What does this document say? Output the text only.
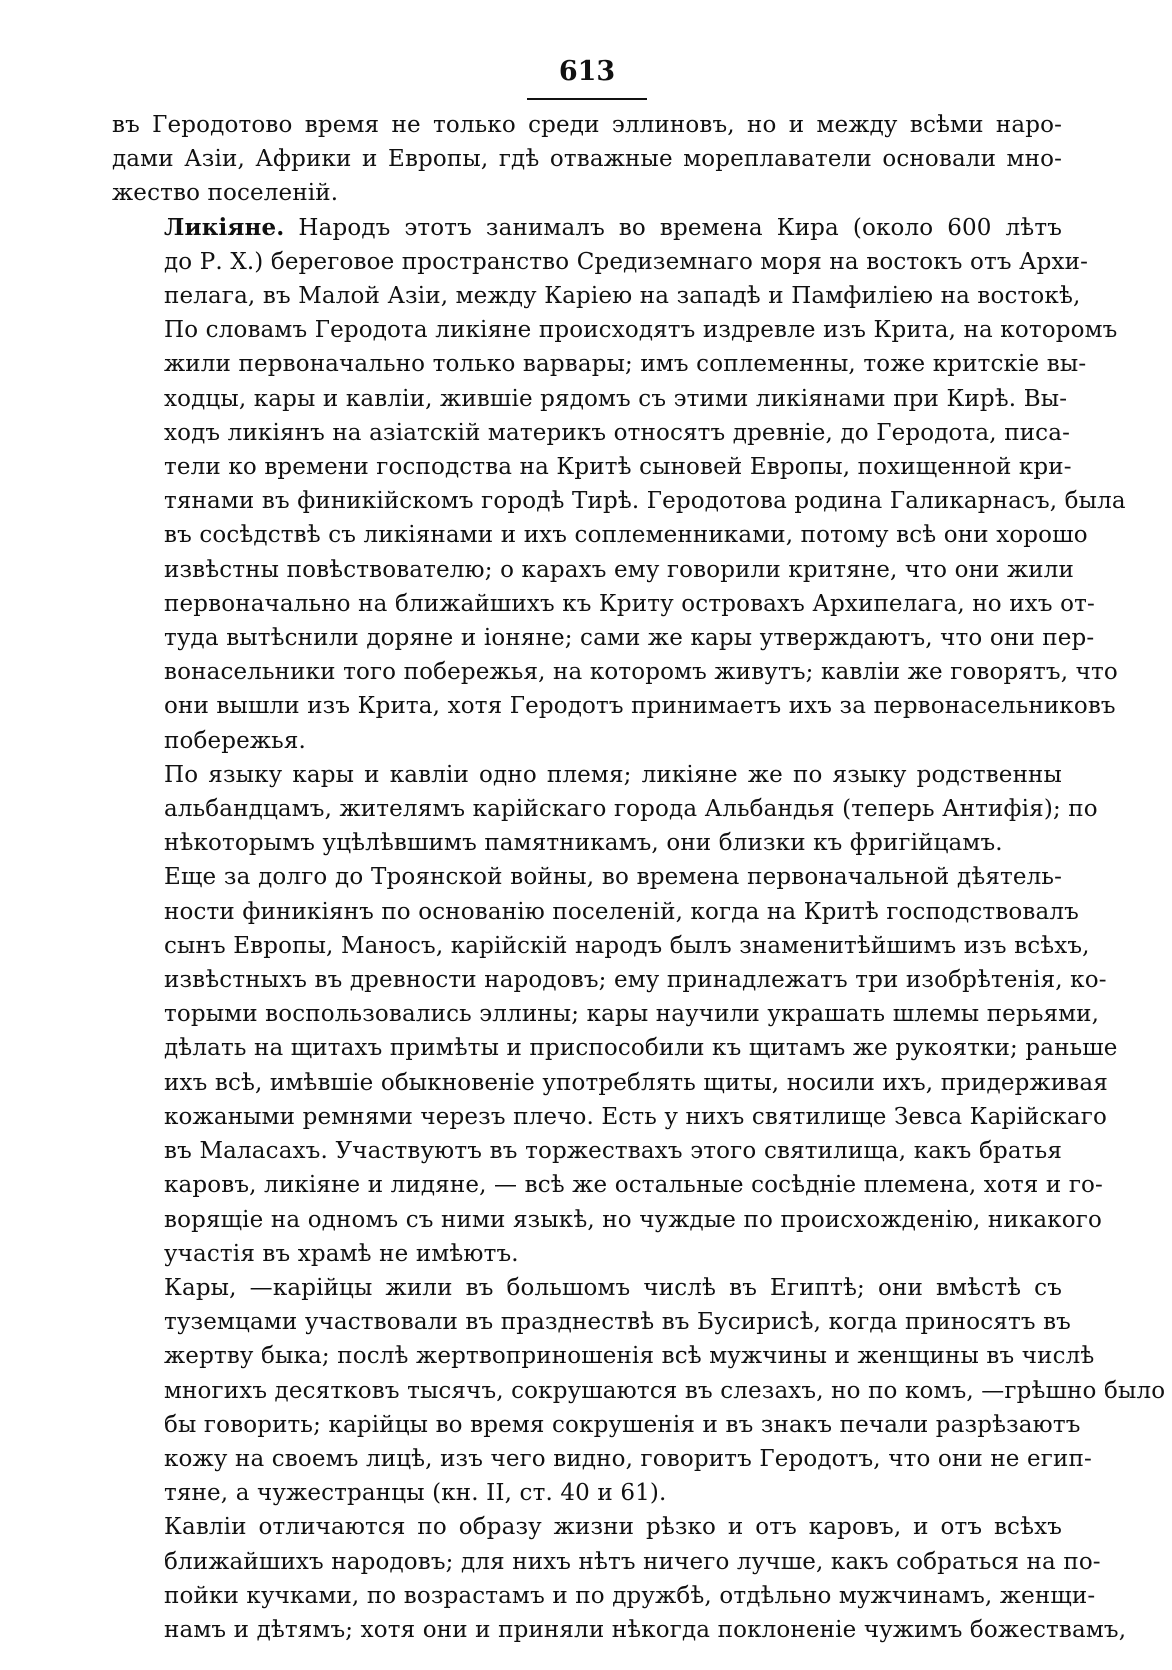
613
въ Геродотово время не только среди эллиновъ, но и между всѣми наро-
дами Азіи, Африки и Европы, гдѣ отважные мореплаватели основали мно-
жество поселеній.
Ликіяне. Народъ этотъ занималъ во времена Кира (около 600 лѣтъ
до Р. Х.) береговое пространство Средиземнаго моря на востокъ отъ Архи-
пелага, въ Малой Азіи, между Каріею на западѣ и Памфиліею на востокѣ,
По словамъ Геродота ликіяне происходятъ издревле изъ Крита, на которомъ
жили первоначально только варвары; имъ соплеменны, тоже критскіе вы-
ходцы, каpы и кавліи, жившіе рядомъ съ этими ликіянами при Кирѣ. Вы-
ходъ ликіянъ на азіатскій материкъ относятъ древніе, до Геродота, писа-
тели ко времени господства на Критѣ сыновей Европы, похищенной кри-
тянами въ финикійскомъ городѣ Тирѣ. Геродотова родина Галикарнасъ, была
въ сосѣдствѣ съ ликіянами и ихъ соплеменниками, потому всѣ они хорошо
извѣстны повѣствователю; о карахъ ему говорили критяне, что они жили
первоначально на ближайшихъ къ Криту островахъ Архипелага, но ихъ от-
туда вытѣснили доряне и іоняне; сами же кары утверждаютъ, что они пер-
вонасельники того побережья, на которомъ живутъ; кавліи же говорятъ, что
они вышли изъ Крита, хотя Геродотъ принимаетъ ихъ за первонасельниковъ
побережья.
По языку кары и кавліи одно племя; ликіяне же по языку родственны
альбандцамъ, жителямъ карійскаго города Альбандья (теперь Антифія); по
нѣкоторымъ уцѣлѣвшимъ памятникамъ, они близки къ фригійцамъ.
Еще за долго до Троянской войны, во времена первоначальной дѣятель-
ности финикіянъ по основанію поселеній, когда на Критѣ господствовалъ
сынъ Европы, Маносъ, карійскій народъ былъ знаменитѣйшимъ изъ всѣхъ,
извѣстныхъ въ древности народовъ; ему принадлежатъ три изобрѣтенія, ко-
торыми воспользовались эллины; кары научили украшать шлемы перьями,
дѣлать на щитахъ примѣты и приспособили къ щитамъ же рукоятки; раньше
ихъ всѣ, имѣвшіе обыкновеніе употреблять щиты, носили ихъ, придерживая
кожаными ремнями черезъ плечо. Есть у нихъ святилище Зевса Карійскаго
въ Маласахъ. Участвуютъ въ торжествахъ этого святилища, какъ братья
каровъ, ликіяне и лидяне, — всѣ же остальные сосѣдніе племена, хотя и го-
ворящіе на одномъ съ ними языкѣ, но чуждые по происхожденію, никакого
участія въ храмѣ не имѣютъ.
Кары, —карійцы жили въ большомъ числѣ въ Египтѣ; они вмѣстѣ съ
туземцами участвовали въ празднествѣ въ Бусирисѣ, когда приносятъ въ
жертву быка; послѣ жертвоприношенія всѣ мужчины и женщины въ числѣ
многихъ десятковъ тысячъ, сокрушаются въ слезахъ, но по комъ, —грѣшно было
бы говорить; карійцы во время сокрушенія и въ знакъ печали разрѣзаютъ
кожу на своемъ лицѣ, изъ чего видно, говоритъ Геродотъ, что они не егип-
тяне, а чужестранцы (кн. II, ст. 40 и 61).
Кавліи отличаются по образу жизни рѣзко и отъ каровъ, и отъ всѣхъ
ближайшихъ народовъ; для нихъ нѣтъ ничего лучше, какъ собраться на по-
пойки кучками, по возрастамъ и по дружбѣ, отдѣльно мужчинамъ, женщи-
намъ и дѣтямъ; хотя они и приняли нѣкогда поклоненіе чужимъ божествамъ,
